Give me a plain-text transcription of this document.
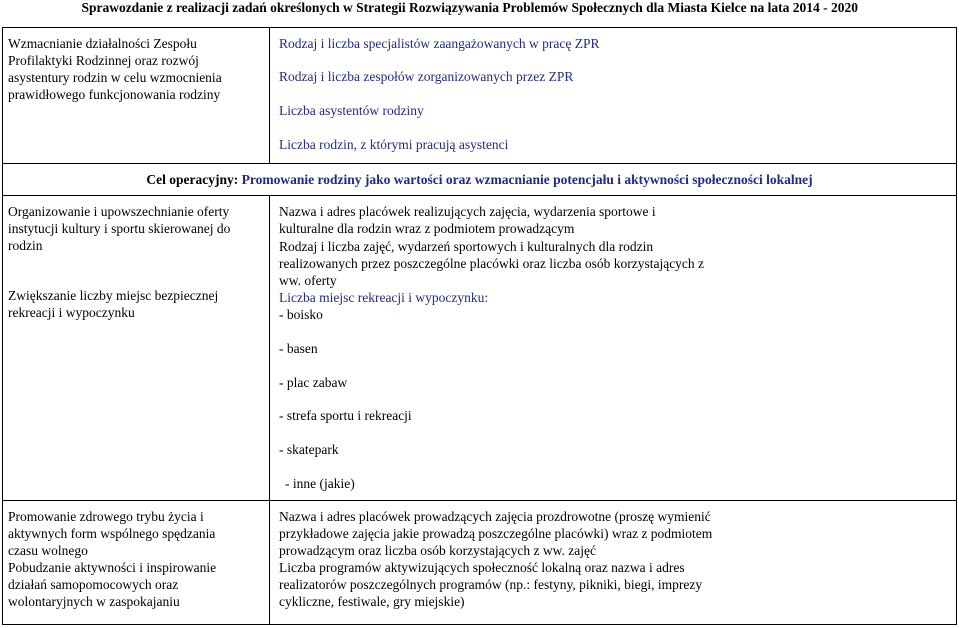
Sprawozdanie z realizacji zadań określonych w Strategii Rozwiązywania Problemów Społecznych dla Miasta Kielce na lata 2014 - 2020
Wzmacnianie działalności Zespołu Profilaktyki Rodzinnej oraz rozwój asystentury rodzin w celu wzmocnienia prawidłowego funkcjonowania rodziny
Rodzaj i liczba specjalistów zaangażowanych w pracę ZPR
Rodzaj i liczba zespołów zorganizowanych przez ZPR
Liczba asystentów rodziny
Liczba rodzin, z którymi pracują asystenci
Cel operacyjny: Promowanie rodziny jako wartości oraz wzmacnianie potencjału i aktywności społeczności lokalnej
Organizowanie i upowszechnianie oferty instytucji kultury i sportu skierowanej do rodzin
Zwiększanie liczby miejsc bezpiecznej rekreacji i wypoczynku
Nazwa i adres placówek realizujących zajęcia, wydarzenia sportowe i kulturalne dla rodzin wraz z podmiotem prowadzącym
Rodzaj i liczba zajęć, wydarzeń sportowych i kulturalnych dla rodzin realizowanych przez poszczególne placówki oraz liczba osób korzystających z ww. oferty
Liczba miejsc rekreacji i wypoczynku:
- boisko
- basen
- plac zabaw
- strefa sportu i rekreacji
- skatepark
- inne (jakie)
Promowanie zdrowego trybu życia i aktywnych form wspólnego spędzania czasu wolnego
Pobudzanie aktywności i inspirowanie działań samopomocowych oraz wolontaryjnych w zaspokajaniu
Nazwa i adres placówek prowadzących zajęcia prozdrowotne (proszę wymienić przykładowe zajęcia jakie prowadzą poszczególne placówki) wraz z podmiotem prowadzącym oraz liczba osób korzystających z ww. zajęć
Liczba programów aktywizujących społeczność lokalną oraz nazwa i adres realizatorów poszczególnych programów (np.: festyny, pikniki, biegi, imprezy cykliczne, festiwale, gry miejskie)
